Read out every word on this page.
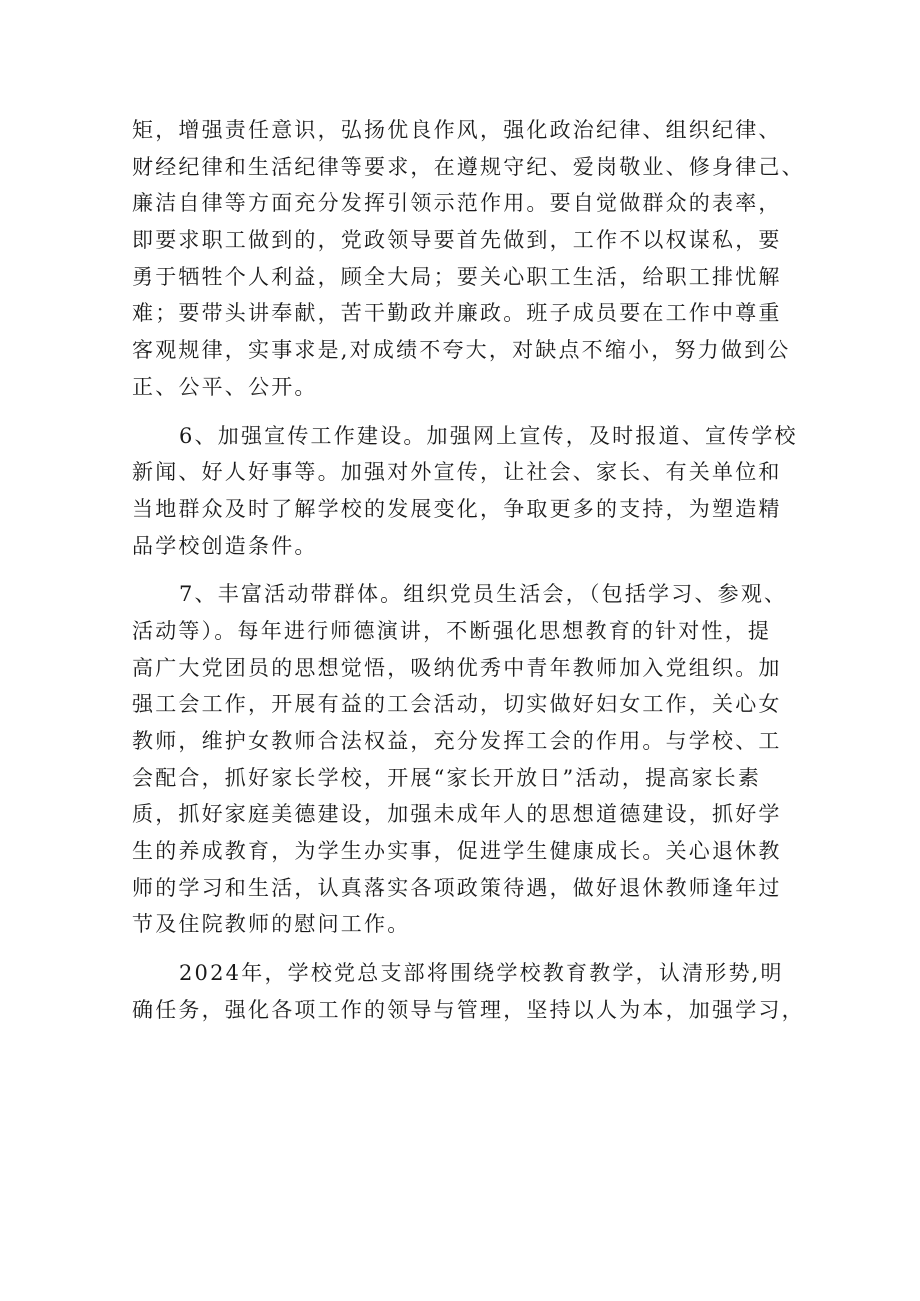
矩，增强责任意识，弘扬优良作风，强化政治纪律、组织纪律、
财经纪律和生活纪律等要求，在遵规守纪、爱岗敬业、修身律己、
廉洁自律等方面充分发挥引领示范作用。要自觉做群众的表率，
即要求职工做到的，党政领导要首先做到，工作不以权谋私，要
勇于牺牲个人利益，顾全大局；要关心职工生活，给职工排忧解
难；要带头讲奉献，苦干勤政并廉政。班子成员要在工作中尊重
客观规律，实事求是,对成绩不夸大，对缺点不缩小，努力做到公
正、公平、公开。
6、加强宣传工作建设。加强网上宣传，及时报道、宣传学校
新闻、好人好事等。加强对外宣传，让社会、家长、有关单位和
当地群众及时了解学校的发展变化，争取更多的支持，为塑造精
品学校创造条件。
7、丰富活动带群体。组织党员生活会，（包括学习、参观、
活动等）。每年进行师德演讲，不断强化思想教育的针对性，提
高广大党团员的思想觉悟，吸纳优秀中青年教师加入党组织。加
强工会工作，开展有益的工会活动，切实做好妇女工作，关心女
教师，维护女教师合法权益，充分发挥工会的作用。与学校、工
会配合，抓好家长学校，开展“家长开放日”活动，提高家长素
质，抓好家庭美德建设，加强未成年人的思想道德建设，抓好学
生的养成教育，为学生办实事，促进学生健康成长。关心退休教
师的学习和生活，认真落实各项政策待遇，做好退休教师逢年过
节及住院教师的慰问工作。
2024年，学校党总支部将围绕学校教育教学，认清形势,明
确任务，强化各项工作的领导与管理，坚持以人为本，加强学习，
